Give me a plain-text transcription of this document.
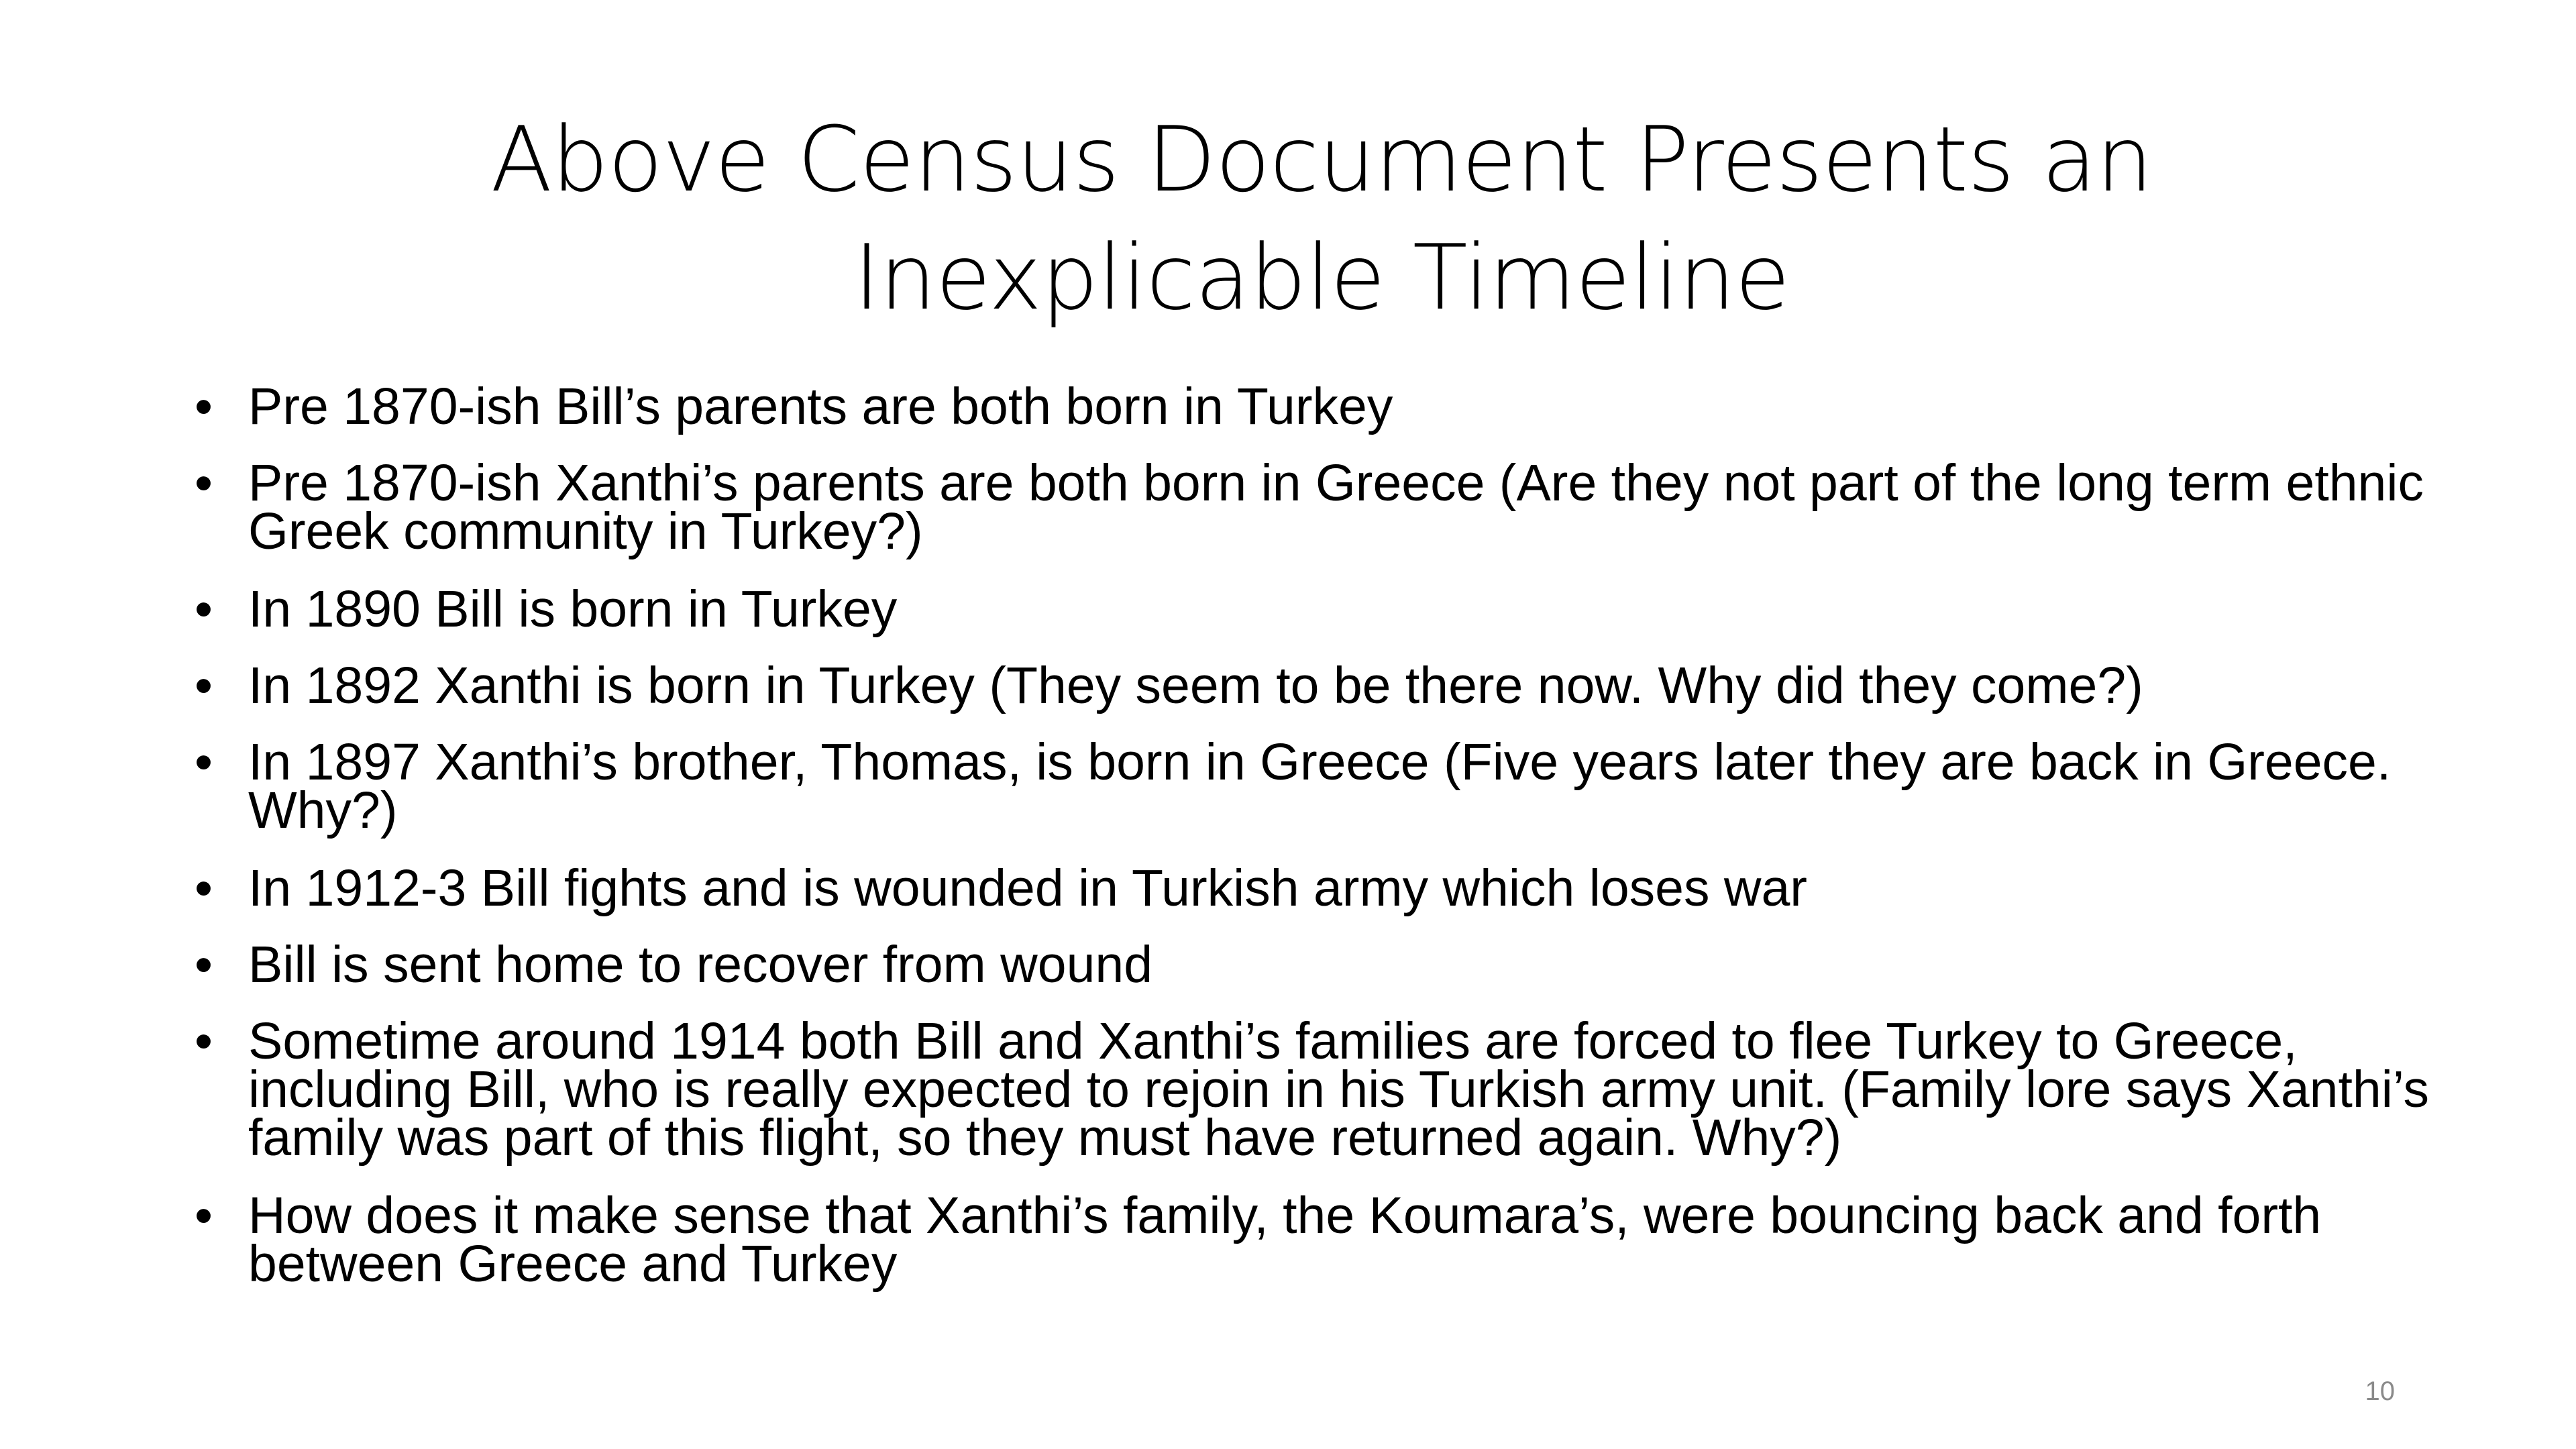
Above Census Document Presents an
Inexplicable Timeline
• Pre 1870-ish Bill’s parents are both born in Turkey
• Pre 1870-ish Xanthi’s parents are both born in Greece (Are they not part of the long term ethnic Greek community in Turkey?)
• In 1890 Bill is born in Turkey
• In 1892 Xanthi is born in Turkey (They seem to be there now. Why did they come?)
• In 1897 Xanthi’s brother, Thomas, is born in Greece (Five years later they are back in Greece. Why?)
• In 1912-3 Bill fights and is wounded in Turkish army which loses war
• Bill is sent home to recover from wound
• Sometime around 1914 both Bill and Xanthi’s families are forced to flee Turkey to Greece, including Bill, who is really expected to rejoin in his Turkish army unit. (Family lore says Xanthi’s family was part of this flight, so they must have returned again. Why?)
• How does it make sense that Xanthi’s family, the Koumara’s, were bouncing back and forth between Greece and Turkey
10
